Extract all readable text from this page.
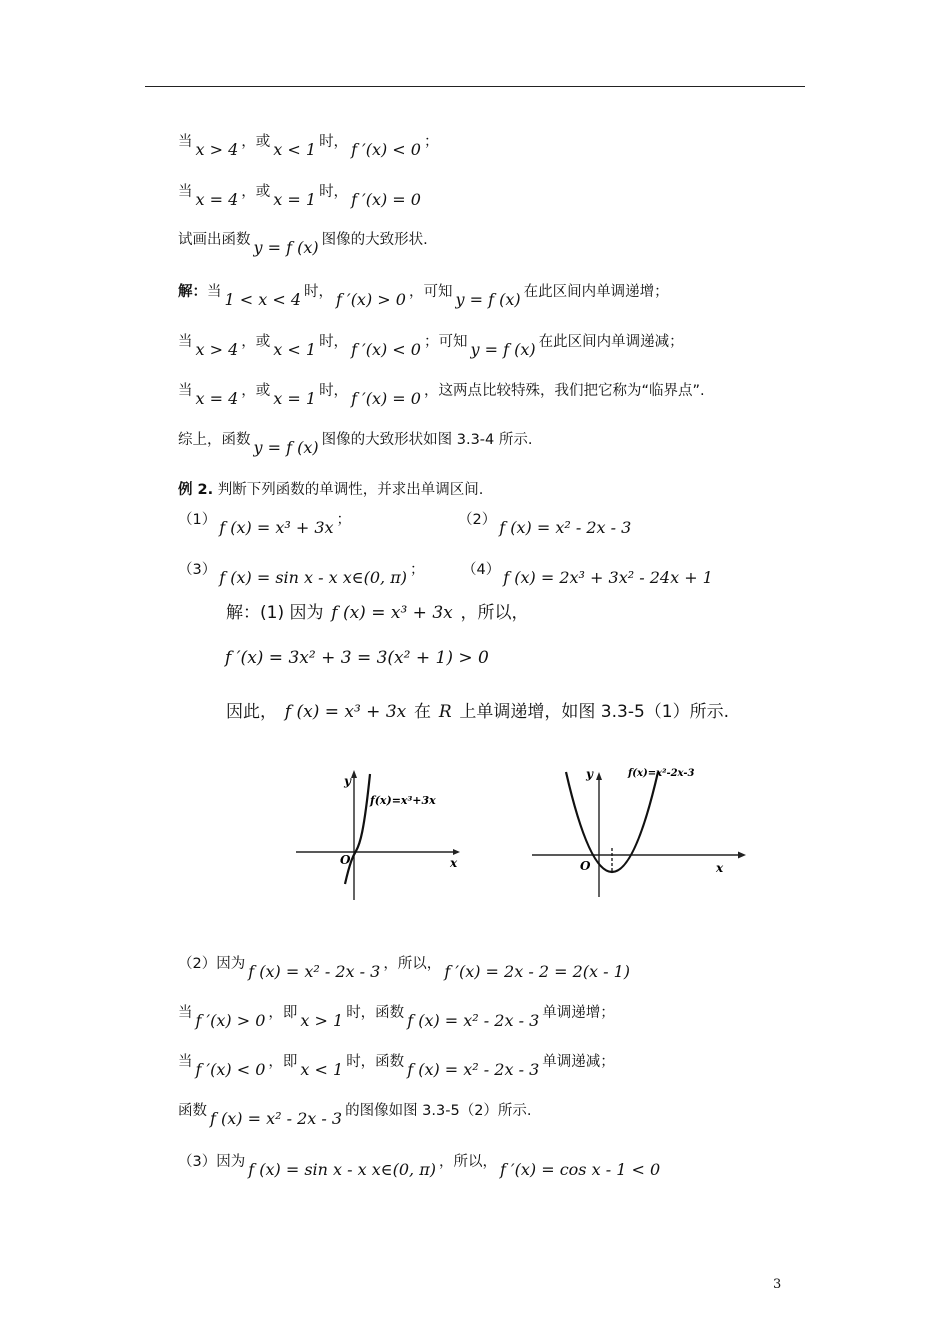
当 x > 4 ，或 x < 1 时， f ′(x) < 0 ；
当 x = 4 ，或 x = 1 时， f ′(x) = 0
试画出函数 y = f (x) 图像的大致形状.
解：当 1 < x < 4 时， f ′(x) > 0 ，可知 y = f (x) 在此区间内单调递增；
当 x > 4 ，或 x < 1 时， f ′(x) < 0 ；可知 y = f (x) 在此区间内单调递减；
当 x = 4 ，或 x = 1 时， f ′(x) = 0 ，这两点比较特殊，我们把它称为“临界点”.
综上，函数 y = f (x) 图像的大致形状如图 3.3-4 所示.
例 2. 判断下列函数的单调性，并求出单调区间.
（1） f (x) = x³ + 3x ；	（2） f (x) = x² - 2x - 3
（3） f (x) = sin x - x x∈(0, π) ；	（4） f (x) = 2x³ + 3x² - 24x + 1
解：(1) 因为 f (x) = x³ + 3x ，所以，
f ′(x) = 3x² + 3 = 3(x² + 1) > 0
因此， f (x) = x³ + 3x 在 R 上单调递增，如图 3.3-5（1）所示.
y
O	x
f(x)=x³+3x
y
O	x
f(x)=x²-2x-3
（2）因为 f (x) = x² - 2x - 3 ，所以， f ′(x) = 2x - 2 = 2(x - 1)
当 f ′(x) > 0 ，即 x > 1 时，函数 f (x) = x² - 2x - 3 单调递增；
当 f ′(x) < 0 ，即 x < 1 时，函数 f (x) = x² - 2x - 3 单调递减；
函数 f (x) = x² - 2x - 3 的图像如图 3.3-5（2）所示.
（3）因为 f (x) = sin x - x x∈(0, π) ，所以， f ′(x) = cos x - 1 < 0
3
